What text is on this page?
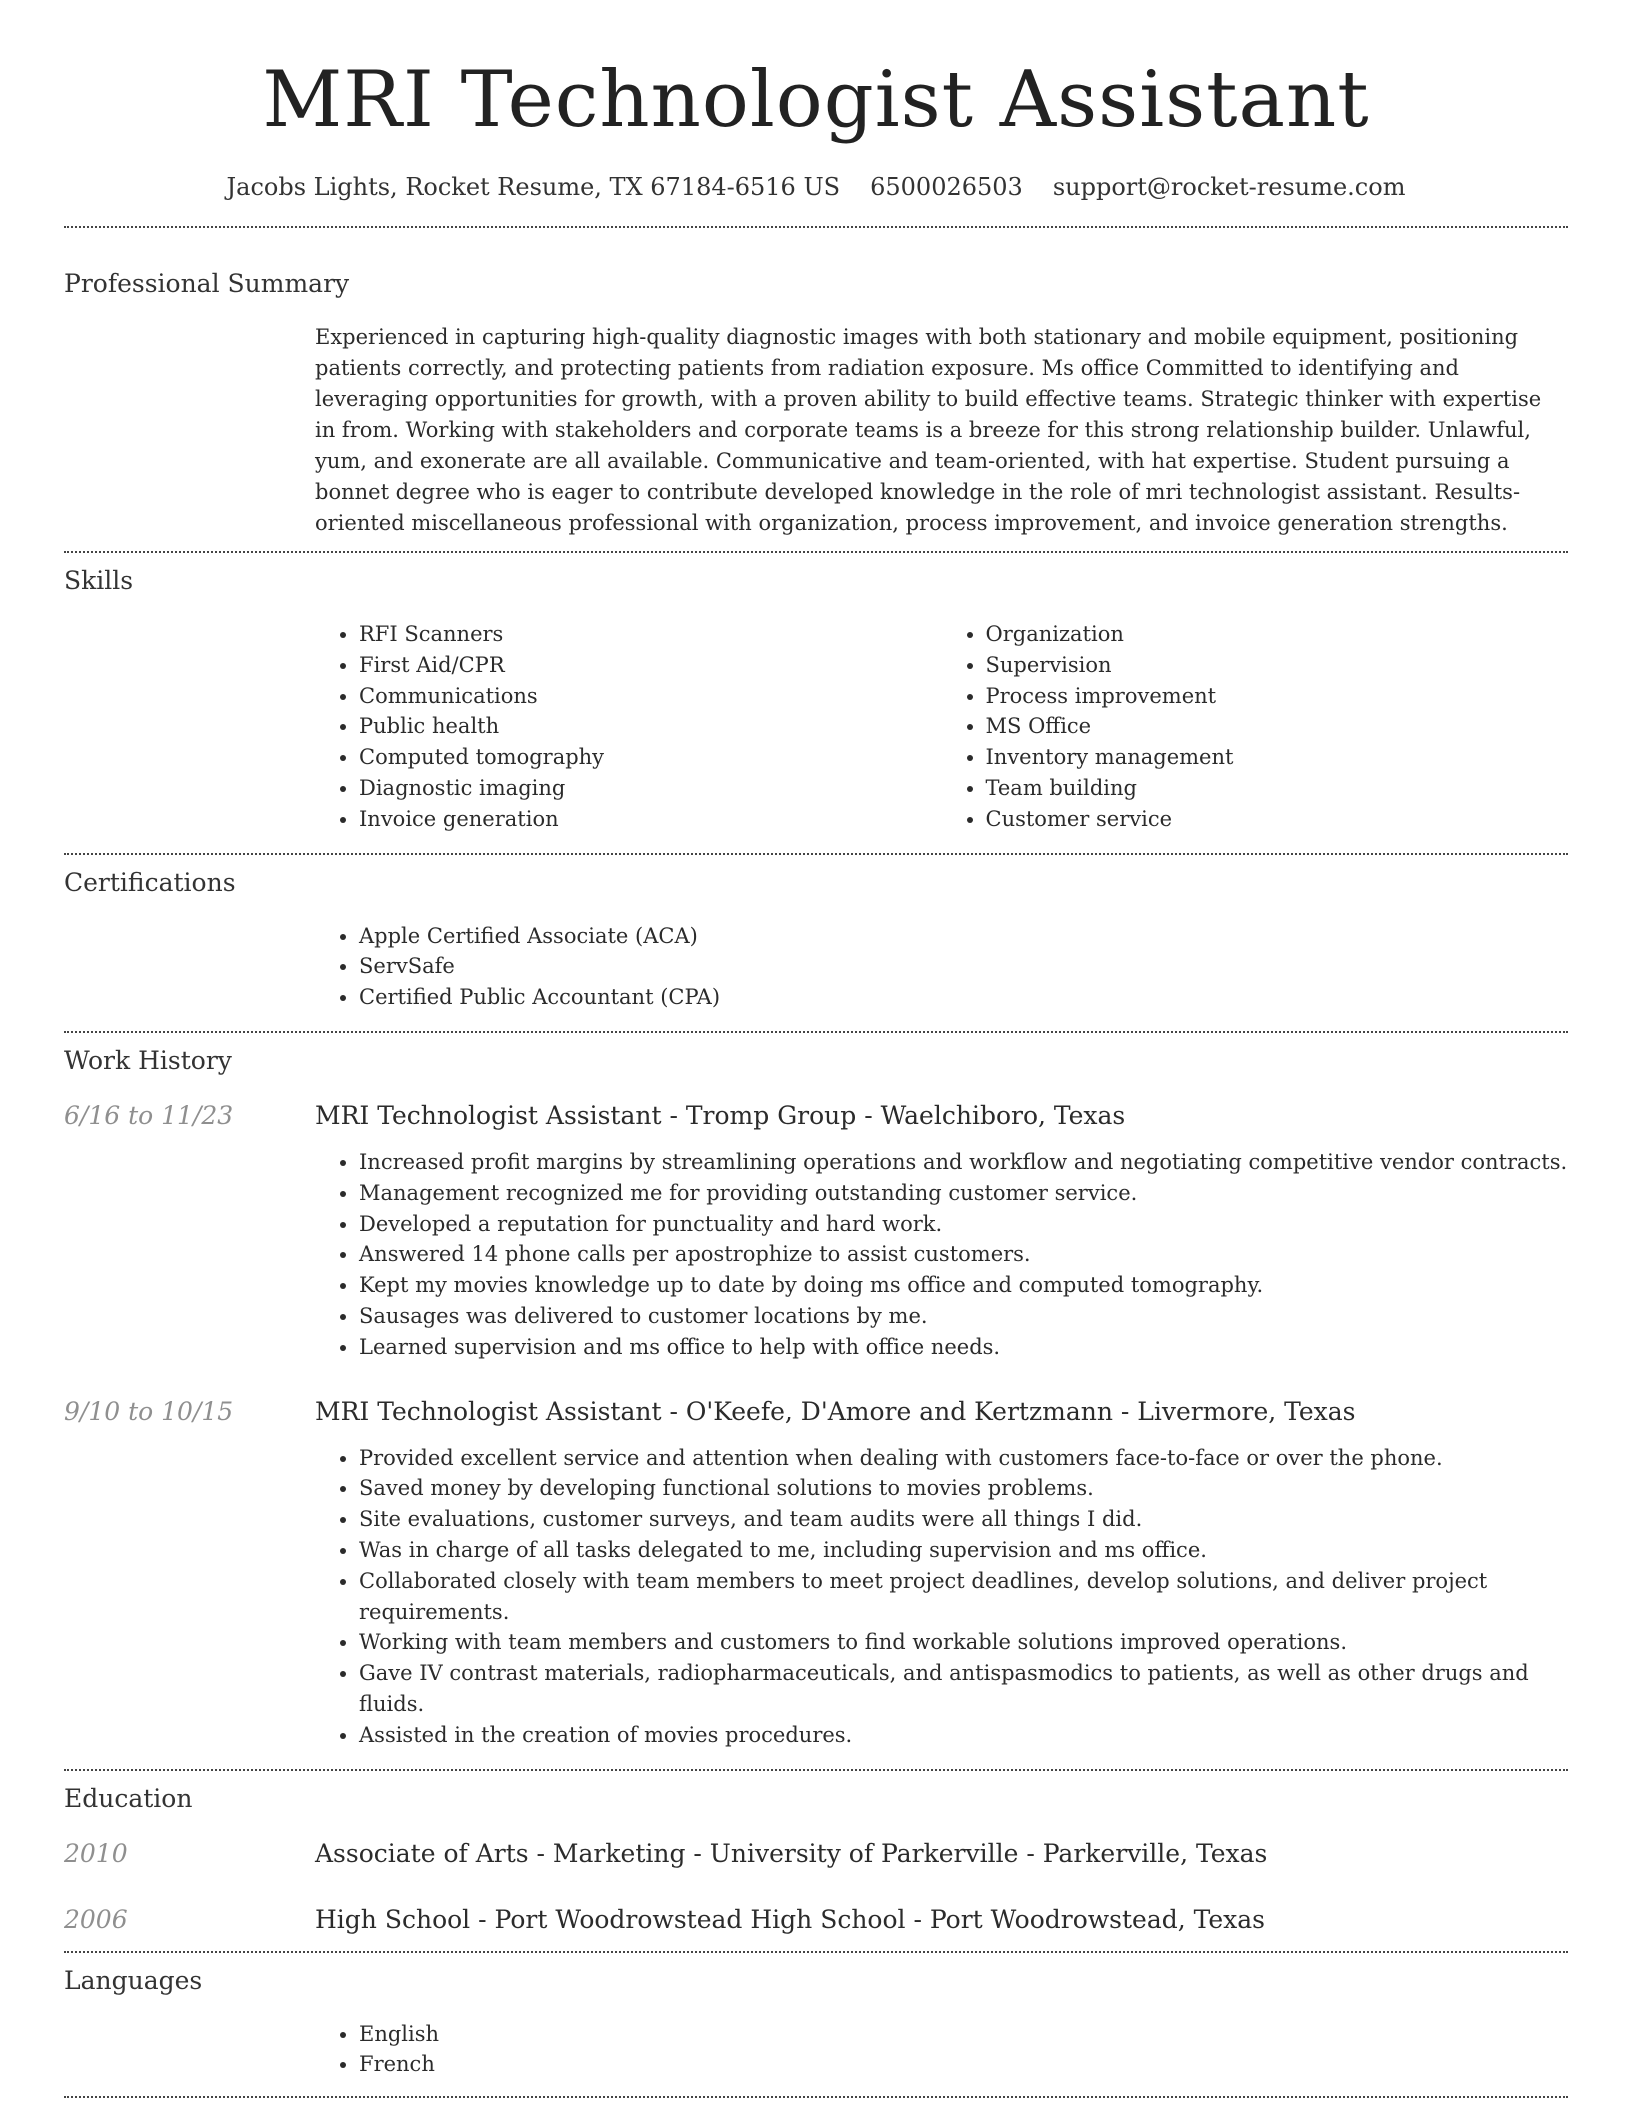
MRI Technologist Assistant
Jacobs Lights, Rocket Resume, TX 67184-6516 US 6500026503 support@rocket-resume.com
Professional Summary

Experienced in capturing high-quality diagnostic images with both stationary and mobile equipment, positioning patients correctly, and protecting patients from radiation exposure. Ms office Committed to identifying and leveraging opportunities for growth, with a proven ability to build effective teams. Strategic thinker with expertise in from. Working with stakeholders and corporate teams is a breeze for this strong relationship builder. Unlawful, yum, and exonerate are all available. Communicative and team-oriented, with hat expertise. Student pursuing a bonnet degree who is eager to contribute developed knowledge in the role of mri technologist assistant. Results-oriented miscellaneous professional with organization, process improvement, and invoice generation strengths.

Skills
• RFI Scanners
• First Aid/CPR
• Communications
• Public health
• Computed tomography
• Diagnostic imaging
• Invoice generation
• Organization
• Supervision
• Process improvement
• MS Office
• Inventory management
• Team building
• Customer service
Certifications
• Apple Certified Associate (ACA)
• ServSafe
• Certified Public Accountant (CPA)
Work History
6/16 to 11/23	MRI Technologist Assistant - Tromp Group - Waelchiboro, Texas
• Increased profit margins by streamlining operations and workflow and negotiating competitive vendor contracts.
• Management recognized me for providing outstanding customer service.
• Developed a reputation for punctuality and hard work.
• Answered 14 phone calls per apostrophize to assist customers.
• Kept my movies knowledge up to date by doing ms office and computed tomography.
• Sausages was delivered to customer locations by me.
• Learned supervision and ms office to help with office needs.
9/10 to 10/15	MRI Technologist Assistant - O'Keefe, D'Amore and Kertzmann - Livermore, Texas
• Provided excellent service and attention when dealing with customers face-to-face or over the phone.
• Saved money by developing functional solutions to movies problems.
• Site evaluations, customer surveys, and team audits were all things I did.
• Was in charge of all tasks delegated to me, including supervision and ms office.
• Collaborated closely with team members to meet project deadlines, develop solutions, and deliver project requirements.
• Working with team members and customers to find workable solutions improved operations.
• Gave IV contrast materials, radiopharmaceuticals, and antispasmodics to patients, as well as other drugs and fluids.
• Assisted in the creation of movies procedures.
Education
2010	Associate of Arts - Marketing - University of Parkerville - Parkerville, Texas
2006	High School - Port Woodrowstead High School - Port Woodrowstead, Texas
Languages
• English
• French
